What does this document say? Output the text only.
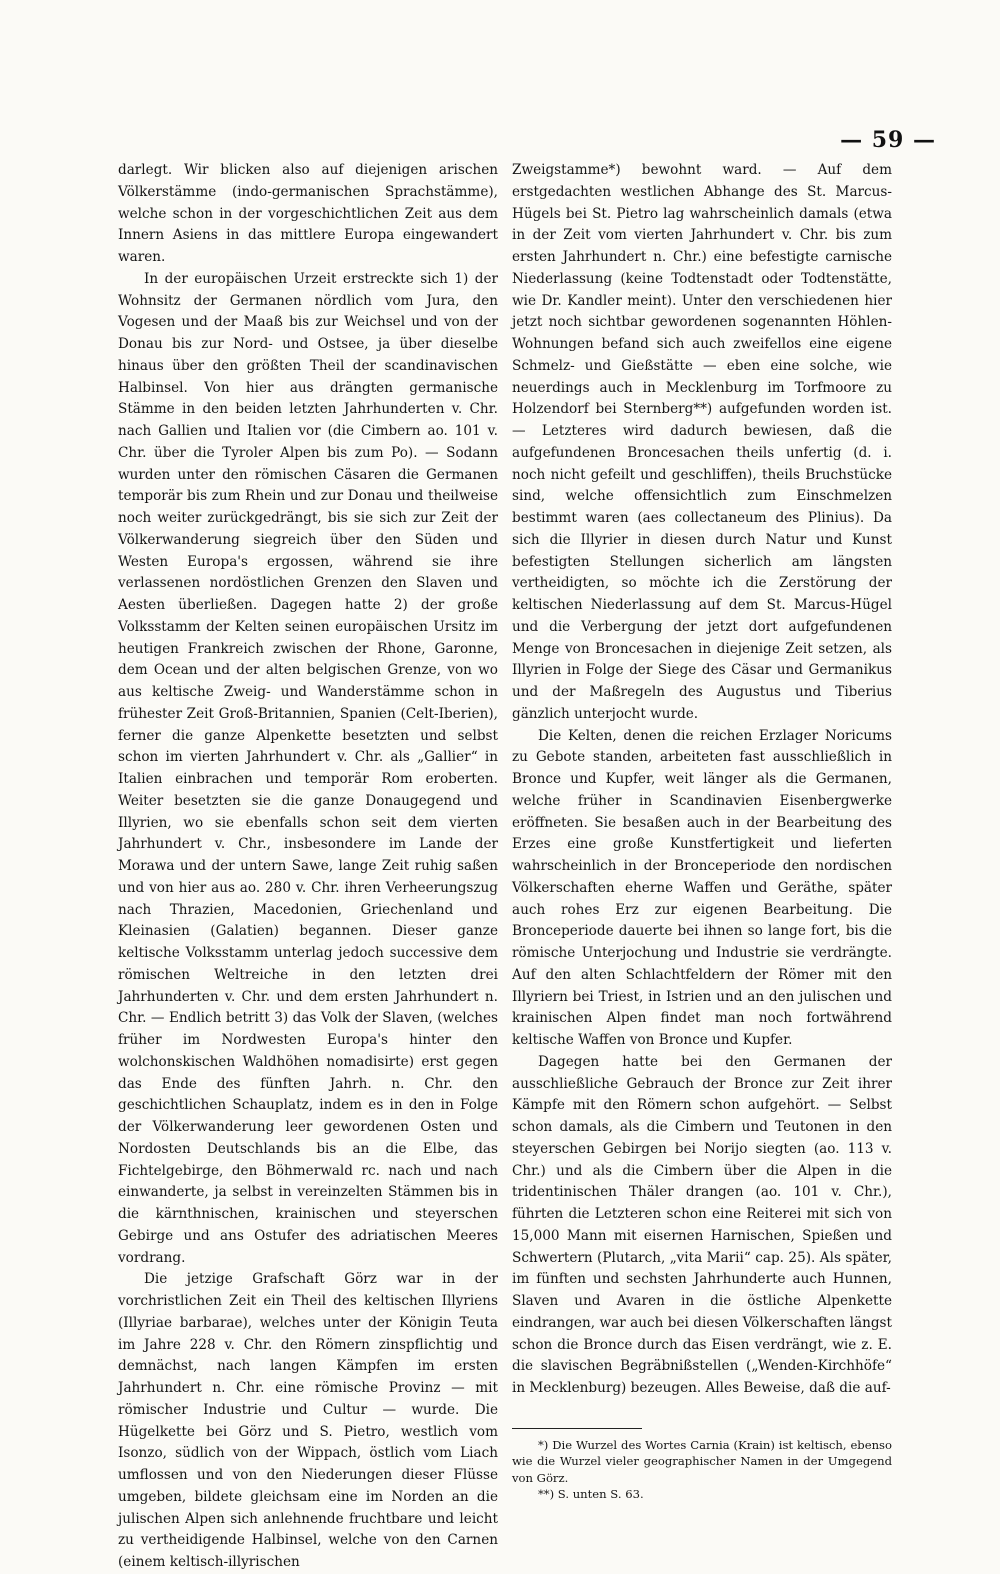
— 59 —

darlegt. Wir blicken also auf diejenigen arischen Völkerstämme (indo-germanischen Sprachstämme), welche schon in der vorgeschichtlichen Zeit aus dem Innern Asiens in das mittlere Europa eingewandert waren.

In der europäischen Urzeit erstreckte sich 1) der Wohnsitz der Germanen nördlich vom Jura, den Vogesen und der Maaß bis zur Weichsel und von der Donau bis zur Nord- und Ostsee, ja über dieselbe hinaus über den größten Theil der scandinavischen Halbinsel. Von hier aus drängten germanische Stämme in den beiden letzten Jahrhunderten v. Chr. nach Gallien und Italien vor (die Cimbern ao. 101 v. Chr. über die Tyroler Alpen bis zum Po). — Sodann wurden unter den römischen Cäsaren die Germanen temporär bis zum Rhein und zur Donau und theilweise noch weiter zurückgedrängt, bis sie sich zur Zeit der Völkerwanderung siegreich über den Süden und Westen Europa's ergossen, während sie ihre verlassenen nordöstlichen Grenzen den Slaven und Aesten überließen. Dagegen hatte 2) der große Volksstamm der Kelten seinen europäischen Ursitz im heutigen Frankreich zwischen der Rhone, Garonne, dem Ocean und der alten belgischen Grenze, von wo aus keltische Zweig- und Wanderstämme schon in frühester Zeit Groß-Britannien, Spanien (Celt-Iberien), ferner die ganze Alpenkette besetzten und selbst schon im vierten Jahrhundert v. Chr. als „Gallier“ in Italien einbrachen und temporär Rom eroberten. Weiter besetzten sie die ganze Donaugegend und Illyrien, wo sie ebenfalls schon seit dem vierten Jahrhundert v. Chr., insbesondere im Lande der Morawa und der untern Sawe, lange Zeit ruhig saßen und von hier aus ao. 280 v. Chr. ihren Verheerungszug nach Thrazien, Macedonien, Griechenland und Kleinasien (Galatien) begannen. Dieser ganze keltische Volksstamm unterlag jedoch successive dem römischen Weltreiche in den letzten drei Jahrhunderten v. Chr. und dem ersten Jahrhundert n. Chr. — Endlich betritt 3) das Volk der Slaven, (welches früher im Nordwesten Europa's hinter den wolchonskischen Waldhöhen nomadisirte) erst gegen das Ende des fünften Jahrh. n. Chr. den geschichtlichen Schauplatz, indem es in den in Folge der Völkerwanderung leer gewordenen Osten und Nordosten Deutschlands bis an die Elbe, das Fichtelgebirge, den Böhmerwald rc. nach und nach einwanderte, ja selbst in vereinzelten Stämmen bis in die kärnthnischen, krainischen und steyerschen Gebirge und ans Ostufer des adriatischen Meeres vordrang.

Die jetzige Grafschaft Görz war in der vorchristlichen Zeit ein Theil des keltischen Illyriens (Illyriae barbarae), welches unter der Königin Teuta im Jahre 228 v. Chr. den Römern zinspflichtig und demnächst, nach langen Kämpfen im ersten Jahrhundert n. Chr. eine römische Provinz — mit römischer Industrie und Cultur — wurde. Die Hügelkette bei Görz und S. Pietro, westlich vom Isonzo, südlich von der Wippach, östlich vom Liach umflossen und von den Niederungen dieser Flüsse umgeben, bildete gleichsam eine im Norden an die julischen Alpen sich anlehnende fruchtbare und leicht zu vertheidigende Halbinsel, welche von den Carnen (einem keltisch-illyrischen

Zweigstamme*) bewohnt ward. — Auf dem erstgedachten westlichen Abhange des St. Marcus-Hügels bei St. Pietro lag wahrscheinlich damals (etwa in der Zeit vom vierten Jahrhundert v. Chr. bis zum ersten Jahrhundert n. Chr.) eine befestigte carnische Niederlassung (keine Todtenstadt oder Todtenstätte, wie Dr. Kandler meint). Unter den verschiedenen hier jetzt noch sichtbar gewordenen sogenannten Höhlen-Wohnungen befand sich auch zweifellos eine eigene Schmelz- und Gießstätte — eben eine solche, wie neuerdings auch in Mecklenburg im Torfmoore zu Holzendorf bei Sternberg**) aufgefunden worden ist. — Letzteres wird dadurch bewiesen, daß die aufgefundenen Broncesachen theils unfertig (d. i. noch nicht gefeilt und geschliffen), theils Bruchstücke sind, welche offensichtlich zum Einschmelzen bestimmt waren (aes collectaneum des Plinius). Da sich die Illyrier in diesen durch Natur und Kunst befestigten Stellungen sicherlich am längsten vertheidigten, so möchte ich die Zerstörung der keltischen Niederlassung auf dem St. Marcus-Hügel und die Verbergung der jetzt dort aufgefundenen Menge von Broncesachen in diejenige Zeit setzen, als Illyrien in Folge der Siege des Cäsar und Germanikus und der Maßregeln des Augustus und Tiberius gänzlich unterjocht wurde.

Die Kelten, denen die reichen Erzlager Noricums zu Gebote standen, arbeiteten fast ausschließlich in Bronce und Kupfer, weit länger als die Germanen, welche früher in Scandinavien Eisenbergwerke eröffneten. Sie besaßen auch in der Bearbeitung des Erzes eine große Kunstfertigkeit und lieferten wahrscheinlich in der Bronceperiode den nordischen Völkerschaften eherne Waffen und Geräthe, später auch rohes Erz zur eigenen Bearbeitung. Die Bronceperiode dauerte bei ihnen so lange fort, bis die römische Unterjochung und Industrie sie verdrängte. Auf den alten Schlachtfeldern der Römer mit den Illyriern bei Triest, in Istrien und an den julischen und krainischen Alpen findet man noch fortwährend keltische Waffen von Bronce und Kupfer.

Dagegen hatte bei den Germanen der ausschließliche Gebrauch der Bronce zur Zeit ihrer Kämpfe mit den Römern schon aufgehört. — Selbst schon damals, als die Cimbern und Teutonen in den steyerschen Gebirgen bei Norijo siegten (ao. 113 v. Chr.) und als die Cimbern über die Alpen in die tridentinischen Thäler drangen (ao. 101 v. Chr.), führten die Letzteren schon eine Reiterei mit sich von 15,000 Mann mit eisernen Harnischen, Spießen und Schwertern (Plutarch, „vita Marii“ cap. 25). Als später, im fünften und sechsten Jahrhunderte auch Hunnen, Slaven und Avaren in die östliche Alpenkette eindrangen, war auch bei diesen Völkerschaften längst schon die Bronce durch das Eisen verdrängt, wie z. E. die slavischen Begräbnißstellen („Wenden-Kirchhöfe“ in Mecklenburg) bezeugen. Alles Beweise, daß die auf-

*) Die Wurzel des Wortes Carnia (Krain) ist keltisch, ebenso wie die Wurzel vieler geographischer Namen in der Umgegend von Görz.

**) S. unten S. 63.
